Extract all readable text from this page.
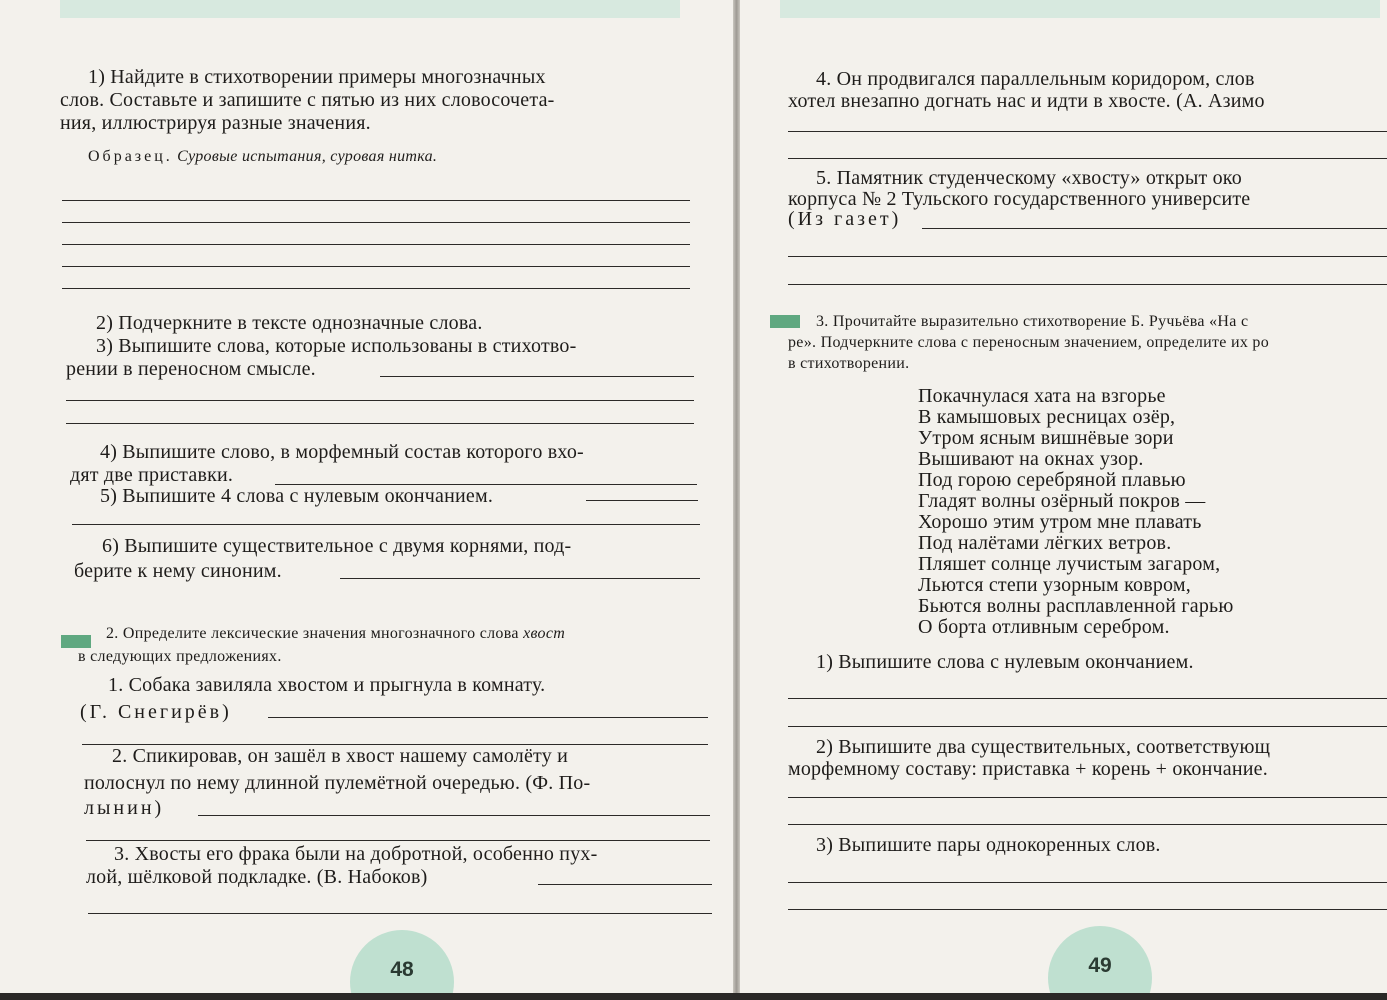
1) Найдите в стихотворении примеры многозначных
слов. Составьте и запишите с пятью из них словосочета-
ния, иллюстрируя разные значения.
Образец. Суровые испытания, суровая нитка.
2) Подчеркните в тексте однозначные слова.
3) Выпишите слова, которые использованы в стихотво-
рении в переносном смысле.
4) Выпишите слово, в морфемный состав которого вхо-
дят две приставки.
5) Выпишите 4 слова с нулевым окончанием.
6) Выпишите существительное с двумя корнями, под-
берите к нему синоним.
2. Определите лексические значения многозначного слова хвост
в следующих предложениях.
1. Собака завиляла хвостом и прыгнула в комнату.
(Г. Снегирёв)
2. Спикировав, он зашёл в хвост нашему самолёту и
полоснул по нему длинной пулемётной очередью. (Ф. По-
лынин)
3. Хвосты его фрака были на добротной, особенно пух-
лой, шёлковой подкладке. (В. Набоков)
48
4. Он продвигался параллельным коридором, слов
хотел внезапно догнать нас и идти в хвосте. (А. Азимо
5. Памятник студенческому «хвосту» открыт око
корпуса № 2 Тульского государственного университе
(Из газет)
3. Прочитайте выразительно стихотворение Б. Ручьёва «На с
ре». Подчеркните слова с переносным значением, определите их ро
в стихотворении.
Покачнулася хата на взгорье
В камышовых ресницах озёр,
Утром ясным вишнёвые зори
Вышивают на окнах узор.
Под горою серебряной плавью
Гладят волны озёрный покров —
Хорошо этим утром мне плавать
Под налётами лёгких ветров.
Пляшет солнце лучистым загаром,
Льются степи узорным ковром,
Бьются волны расплавленной гарью
О борта отливным серебром.
1) Выпишите слова с нулевым окончанием.
2) Выпишите два существительных, соответствующ
морфемному составу: приставка + корень + окончание.
3) Выпишите пары однокоренных слов.
49
